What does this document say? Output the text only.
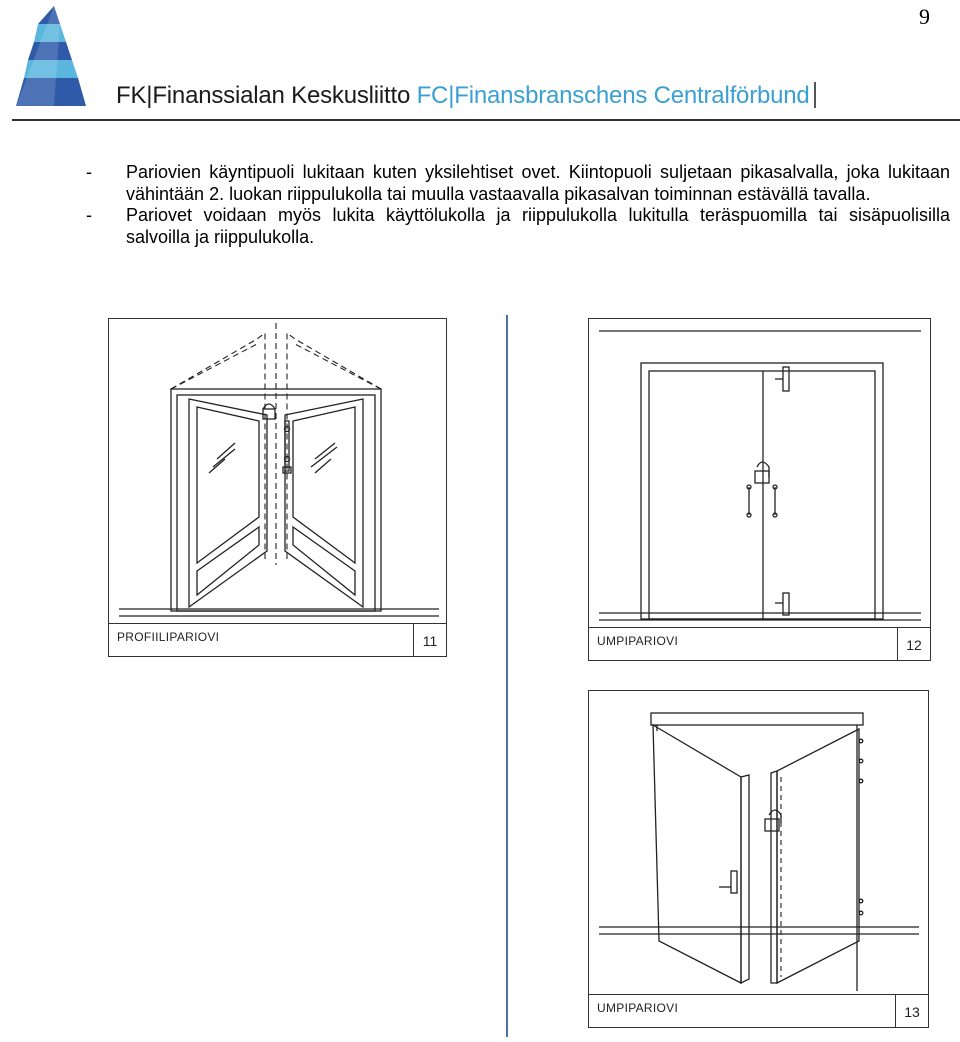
9
FK|Finanssialan Keskusliitto FC|Finansbranschens Centralförbund
- Pariovien käyntipuoli lukitaan kuten yksilehtiset ovet. Kiintopuoli suljetaan pikasalvalla, joka lukitaan vähintään 2. luokan riippulukolla tai muulla vastaavalla pikasalvan toiminnan estävällä tavalla.
- Pariovet voidaan myös lukita käyttölukolla ja riippulukolla lukitulla teräspuomilla tai sisäpuolisilla salvoilla ja riippulukolla.
PROFIILIPARIOVI	11	UMPIPARIOVI	12
UMPIPARIOVI	13
